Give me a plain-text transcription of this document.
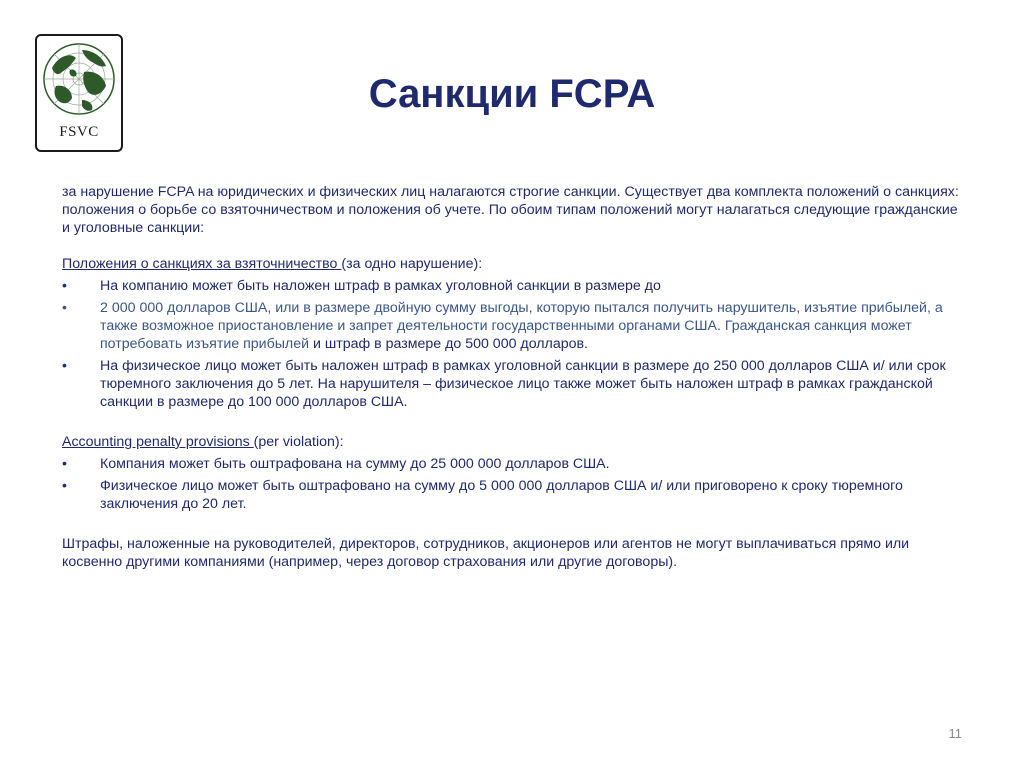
FSVC
Санкции FCPA

за нарушение FCPA на юридических и физических лиц налагаются строгие санкции. Существует два комплекта положений о санкциях: положения о борьбе со взяточничеством и положения об учете. По обоим типам положений могут налагаться следующие гражданские и уголовные санкции:

Положения о санкциях за взяточничество (за одно нарушение):

•	На компанию может быть наложен штраф в рамках уголовной санкции в размере до
•	2 000 000 долларов США, или в размере двойную сумму выгоды, которую пытался получить нарушитель, изъятие прибылей, а также возможное приостановление и запрет деятельности государственными органами США. Гражданская санкция может потребовать изъятие прибылей и штраф в размере до 500 000 долларов.
•	На физическое лицо может быть наложен штраф в рамках уголовной санкции в размере до 250 000 долларов США и/ или срок тюремного заключения до 5 лет. На нарушителя – физическое лицо также может быть наложен штраф в рамках гражданской санкции в размере до 100 000 долларов США.

Accounting penalty provisions (per violation):

•	Компания может быть оштрафована на сумму до 25 000 000 долларов США.
•	Физическое лицо может быть оштрафовано на сумму до 5 000 000 долларов США и/ или приговорено к сроку тюремного заключения до 20 лет.

Штрафы, наложенные на руководителей, директоров, сотрудников, акционеров или агентов не могут выплачиваться прямо или косвенно другими компаниями (например, через договор страхования или другие договоры).

11
